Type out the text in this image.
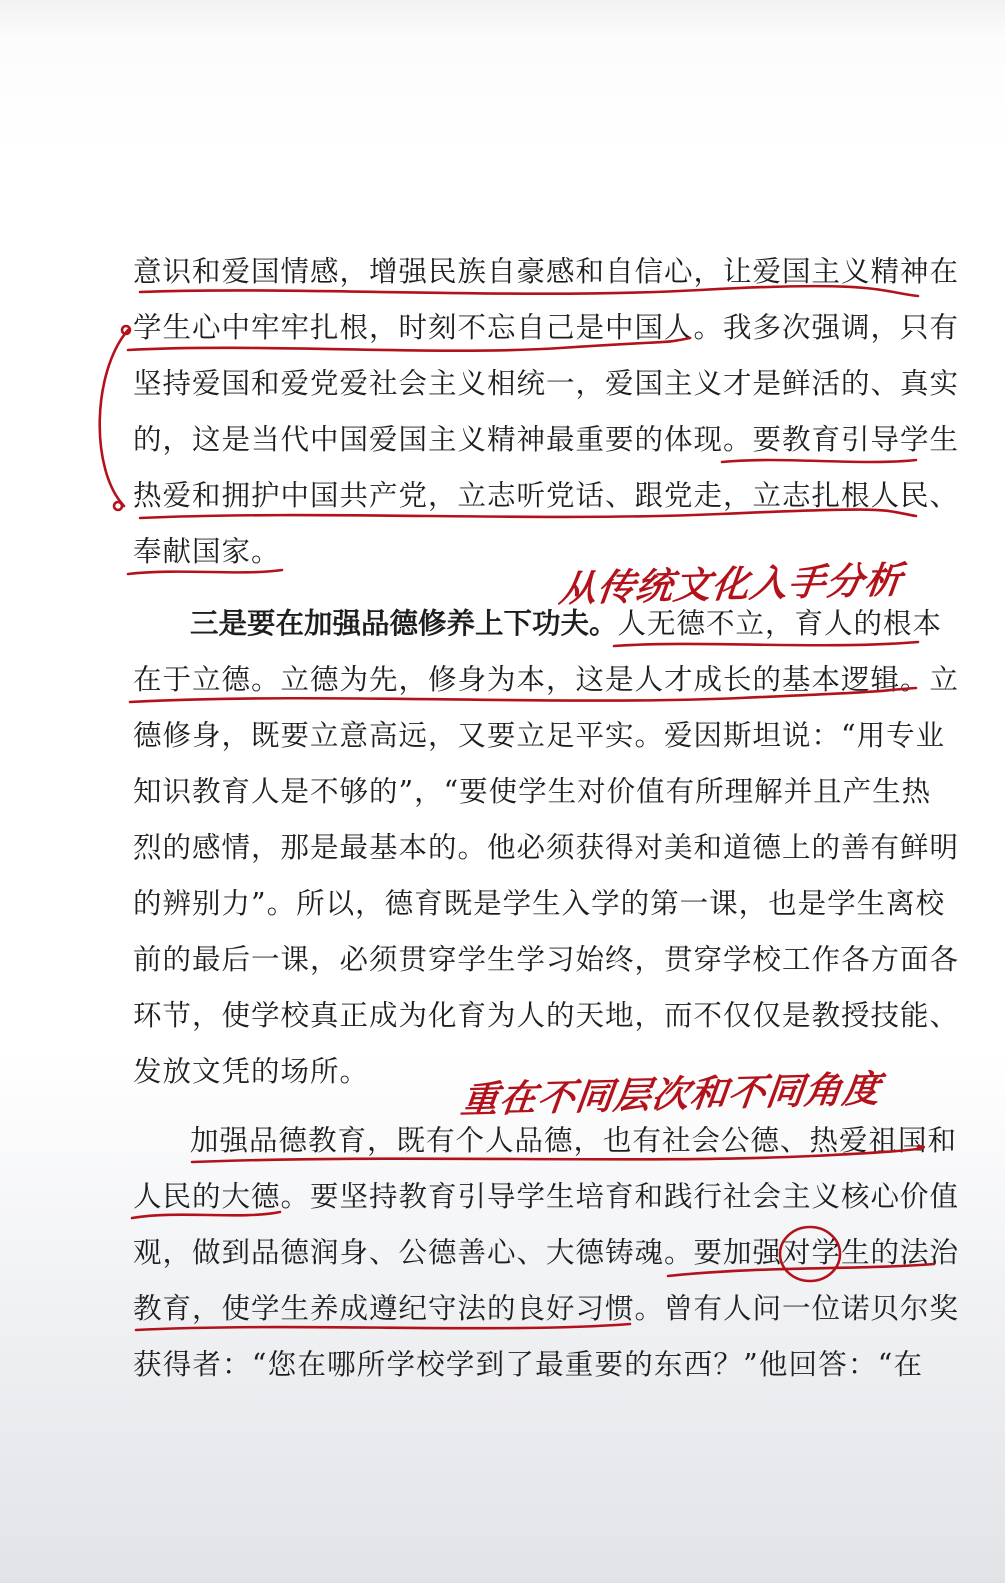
意识和爱国情感，增强民族自豪感和自信心，让爱国主义精神在
学生心中牢牢扎根，时刻不忘自己是中国人。我多次强调，只有
坚持爱国和爱党爱社会主义相统一，爱国主义才是鲜活的、真实
的，这是当代中国爱国主义精神最重要的体现。要教育引导学生
热爱和拥护中国共产党，立志听党话、跟党走，立志扎根人民、
奉献国家。
从传统文化入手分析
三是要在加强品德修养上下功夫。人无德不立，育人的根本
在于立德。立德为先，修身为本，这是人才成长的基本逻辑。立
德修身，既要立意高远，又要立足平实。爱因斯坦说：“用专业
知识教育人是不够的”，“要使学生对价值有所理解并且产生热
烈的感情，那是最基本的。他必须获得对美和道德上的善有鲜明
的辨别力”。所以，德育既是学生入学的第一课，也是学生离校
前的最后一课，必须贯穿学生学习始终，贯穿学校工作各方面各
环节，使学校真正成为化育为人的天地，而不仅仅是教授技能、
发放文凭的场所。	重在不同层次和不同角度
加强品德教育，既有个人品德，也有社会公德、热爱祖国和
人民的大德。要坚持教育引导学生培育和践行社会主义核心价值
观，做到品德润身、公德善心、大德铸魂。要加强对学生的法治
教育，使学生养成遵纪守法的良好习惯。曾有人问一位诺贝尔奖
获得者：“您在哪所学校学到了最重要的东西？”他回答：“在
